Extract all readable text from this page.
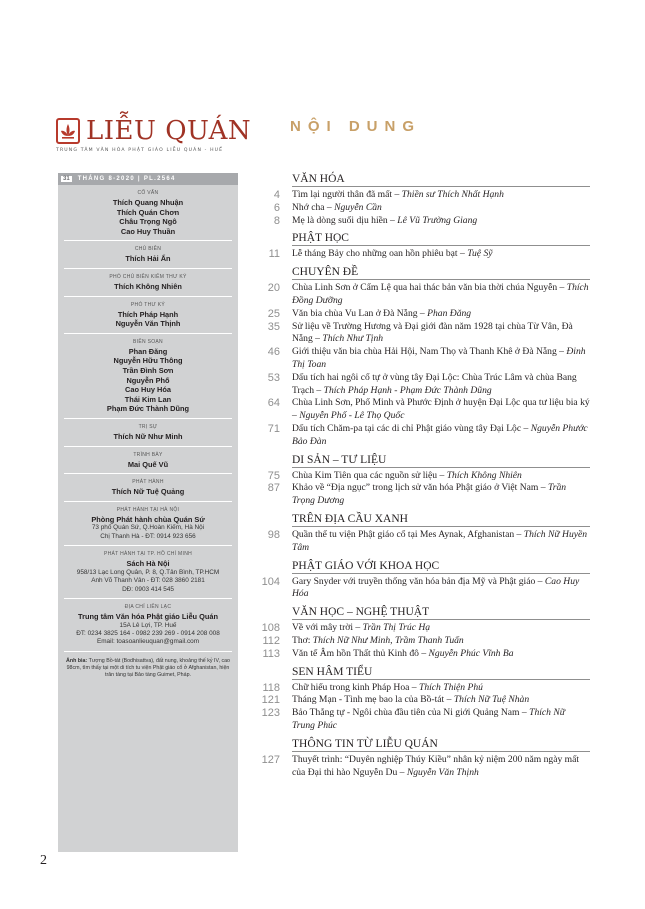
LIỄU QUÁN
TRUNG TÂM VĂN HÓA PHẬT GIÁO LIỄU QUÁN - HUẾ
31	THÁNG 8-2020 | PL.2564
CỐ VẤN
Thích Quang Nhuận
Thích Quán Chơn
Châu Trọng Ngô
Cao Huy Thuần
CHỦ BIÊN
Thích Hải Ấn
PHÓ CHỦ BIÊN KIÊM THƯ KÝ
Thích Không Nhiên
PHÓ THƯ KÝ
Thích Pháp Hạnh
Nguyễn Văn Thịnh
BIÊN SOẠN
Phan Đăng
Nguyễn Hữu Thông
Trần Đình Sơn
Nguyễn Phố
Cao Huy Hóa
Thái Kim Lan
Phạm Đức Thành Dũng
TRỊ SỰ
Thích Nữ Như Minh
TRÌNH BÀY
Mai Quế Vũ
PHÁT HÀNH
Thích Nữ Tuệ Quảng
PHÁT HÀNH TẠI HÀ NỘI
Phòng Phát hành chùa Quán Sứ
73 phố Quán Sứ, Q.Hoàn Kiếm, Hà Nội
Chị Thanh Hà - ĐT: 0914 923 656
PHÁT HÀNH TẠI TP. HỒ CHÍ MINH
Sách Hà Nội
958/13 Lạc Long Quân, P. 8, Q.Tân Bình, TP.HCM
Anh Võ Thanh Vân - ĐT: 028 3860 2181
DĐ: 0903 414 545
ĐỊA CHỈ LIÊN LẠC
Trung tâm Văn hóa Phật giáo Liễu Quán
15A Lê Lợi, TP. Huế
ĐT: 0234 3825 164 - 0982 239 269 - 0914 208 008
Email: toasoanlieuquan@gmail.com
Ảnh bìa: Tượng Bồ-tát (Bodhisattva), đất nung, khoảng thế kỷ IV, cao 98cm, tìm thấy tại một di tích tu viện Phật giáo cổ ở Afghanistan, hiện trân tàng tại Bảo tàng Guimet, Pháp.
2
NỘI DUNG
VĂN HÓA
4 Tìm lại người thân đã mất – Thiền sư Thích Nhất Hạnh
6 Nhớ cha – Nguyễn Cần
8 Mẹ là dòng suối dịu hiền – Lê Vũ Trường Giang
PHẬT HỌC
11 Lễ tháng Bảy cho những oan hồn phiêu bạt – Tuệ Sỹ
CHUYÊN ĐỀ
20 Chùa Linh Sơn ở Cẩm Lệ qua hai thác bản văn bia thời chúa Nguyễn – Thích Đồng Dưỡng
25 Văn bia chùa Vu Lan ở Đà Nẵng – Phan Đăng
35 Sử liệu về Trường Hương và Đại giới đàn năm 1928 tại chùa Từ Vân, Đà Nẵng – Thích Như Tịnh
46 Giới thiệu văn bia chùa Hải Hội, Nam Thọ và Thanh Khê ở Đà Nẵng – Đinh Thị Toan
53 Dấu tích hai ngôi cổ tự ở vùng tây Đại Lộc: Chùa Trúc Lâm và chùa Bang Trạch – Thích Pháp Hạnh - Phạm Đức Thành Dũng
64 Chùa Linh Sơn, Phổ Minh và Phước Định ở huyện Đại Lộc qua tư liệu bia ký – Nguyễn Phố - Lê Thọ Quốc
71 Dấu tích Chăm-pa tại các di chỉ Phật giáo vùng tây Đại Lộc – Nguyễn Phước Bảo Đàn
DI SẢN – TƯ LIỆU
75 Chùa Kim Tiên qua các nguồn sử liệu – Thích Không Nhiên
87 Khảo về “Địa ngục” trong lịch sử văn hóa Phật giáo ở Việt Nam – Trần Trọng Dương
TRÊN ĐỊA CẦU XANH
98 Quần thể tu viện Phật giáo cổ tại Mes Aynak, Afghanistan – Thích Nữ Huyền Tâm
PHẬT GIÁO VỚI KHOA HỌC
104 Gary Snyder với truyền thống văn hóa bản địa Mỹ và Phật giáo – Cao Huy Hóa
VĂN HỌC – NGHỆ THUẬT
108 Về với mây trời – Trần Thị Trúc Hạ
112 Thơ: Thích Nữ Như Minh, Trầm Thanh Tuấn
113 Văn tế Âm hồn Thất thủ Kinh đô – Nguyễn Phúc Vĩnh Ba
SEN HÂM TIỂU
118 Chữ hiếu trong kinh Pháp Hoa – Thích Thiện Phú
121 Tháng Mạn - Tình mẹ bao la của Bồ-tát – Thích Nữ Tuệ Nhàn
123 Bảo Thắng tự - Ngôi chùa đầu tiên của Ni giới Quảng Nam – Thích Nữ Trung Phúc
THÔNG TIN TỪ LIỄU QUÁN
127 Thuyết trình: “Duyên nghiệp Thúy Kiều” nhân kỷ niệm 200 năm ngày mất của Đại thi hào Nguyễn Du – Nguyễn Văn Thịnh
